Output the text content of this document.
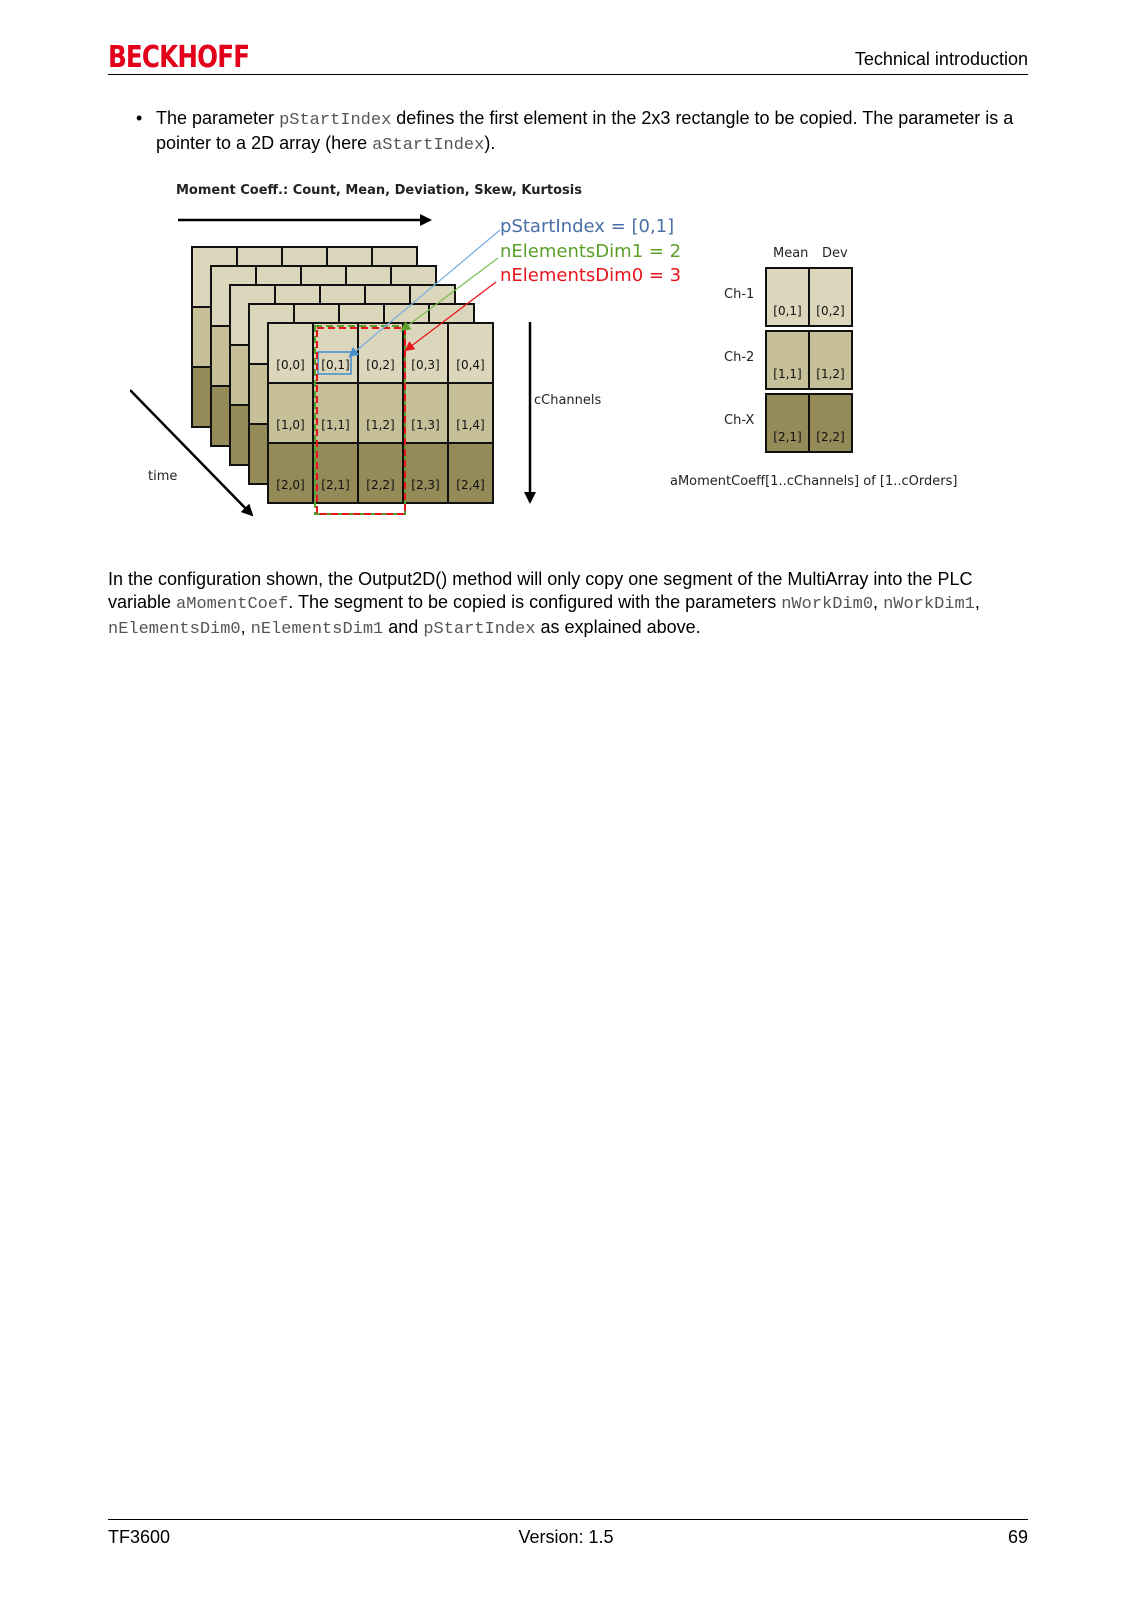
BECKHOFF	Technical introduction
• The parameter pStartIndex defines the first element in the 2x3 rectangle to be copied. The parameter is a pointer to a 2D array (here aStartIndex).
Moment Coeff.: Count, Mean, Deviation, Skew, Kurtosis
[0,0] [0,1] [0,2] [0,3] [0,4]
[1,0] [1,1] [1,2] [1,3] [1,4]
[2,0] [2,1] [2,2] [2,3] [2,4]
pStartIndex = [0,1]
nElementsDim1 = 2
nElementsDim0 = 3
cChannels
time
Mean Dev
Ch-1
[0,1] [0,2]
Ch-2
[1,1] [1,2]
Ch-X
[2,1] [2,2]
aMomentCoeff[1..cChannels] of [1..cOrders]
In the configuration shown, the Output2D() method will only copy one segment of the MultiArray into the PLC variable aMomentCoef. The segment to be copied is configured with the parameters nWorkDim0, nWorkDim1, nElementsDim0, nElementsDim1 and pStartIndex as explained above.
TF3600	Version: 1.5	69
